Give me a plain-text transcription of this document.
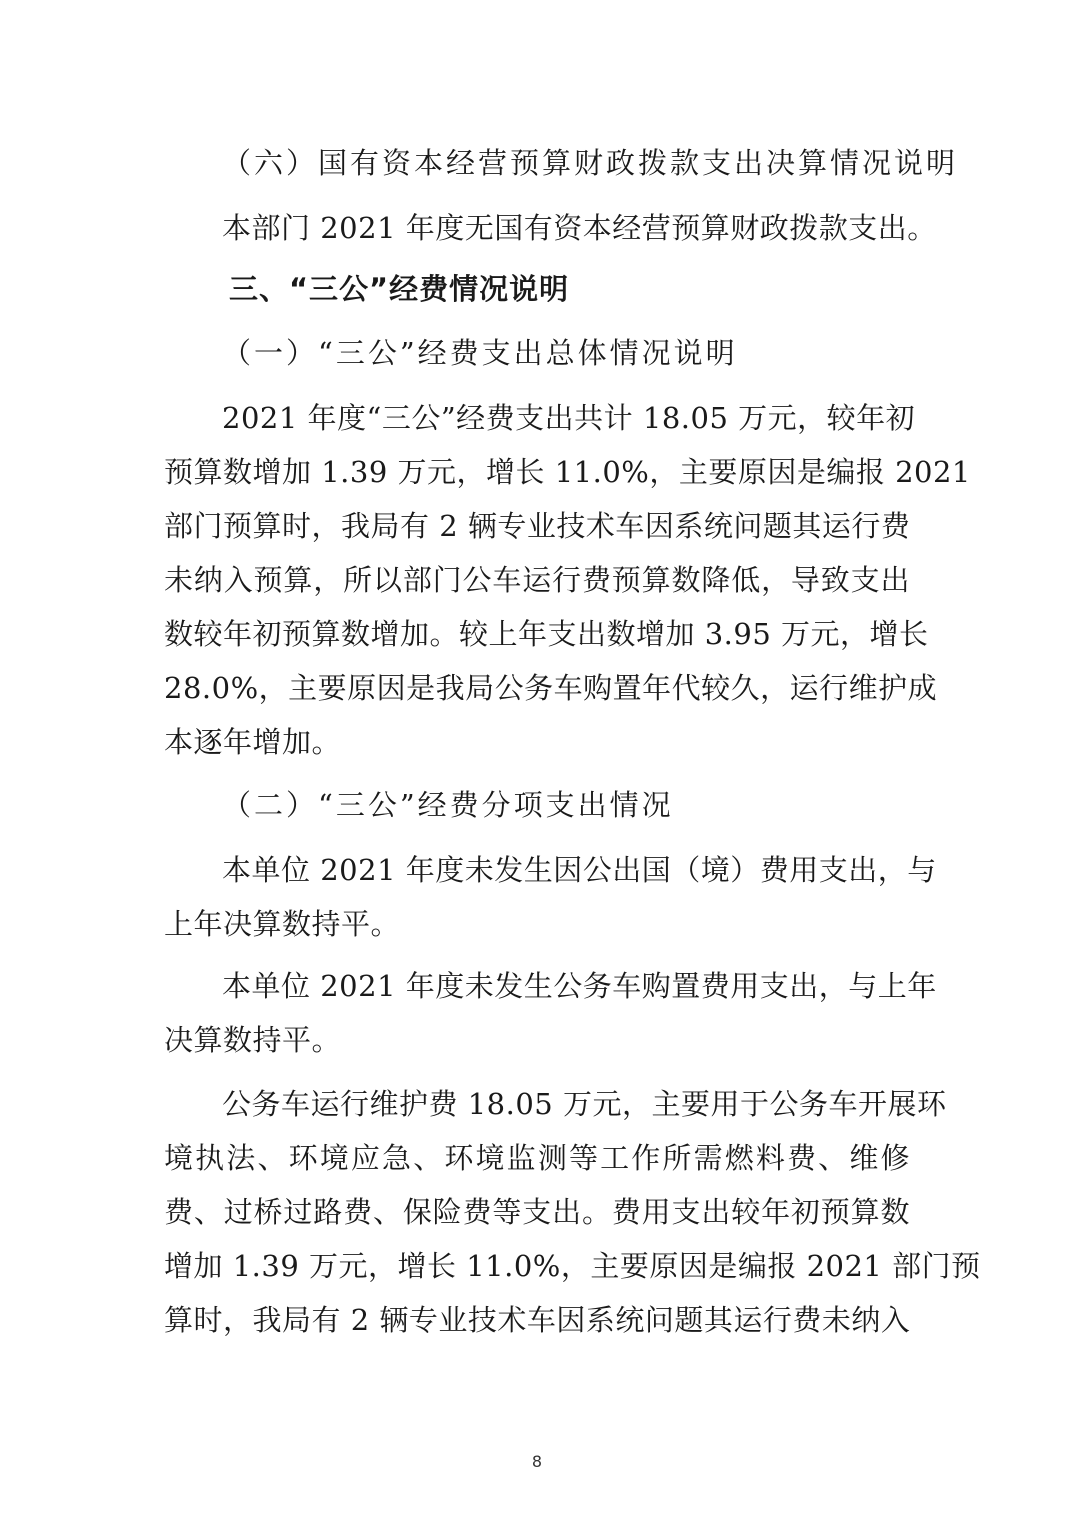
（六）国有资本经营预算财政拨款支出决算情况说明
本部门 2021 年度无国有资本经营预算财政拨款支出。
三、“三公”经费情况说明
（一）“三公”经费支出总体情况说明
2021 年度“三公”经费支出共计 18.05 万元，较年初
预算数增加 1.39 万元，增长 11.0%，主要原因是编报 2021
部门预算时，我局有 2 辆专业技术车因系统问题其运行费
未纳入预算，所以部门公车运行费预算数降低，导致支出
数较年初预算数增加。较上年支出数增加 3.95 万元，增长
28.0%，主要原因是我局公务车购置年代较久，运行维护成
本逐年增加。
（二）“三公”经费分项支出情况
本单位 2021 年度未发生因公出国（境）费用支出，与
上年决算数持平。
本单位 2021 年度未发生公务车购置费用支出，与上年
决算数持平。
公务车运行维护费 18.05 万元，主要用于公务车开展环
境执法、环境应急、环境监测等工作所需燃料费、维修
费、过桥过路费、保险费等支出。费用支出较年初预算数
增加 1.39 万元，增长 11.0%，主要原因是编报 2021 部门预
算时，我局有 2 辆专业技术车因系统问题其运行费未纳入
8
